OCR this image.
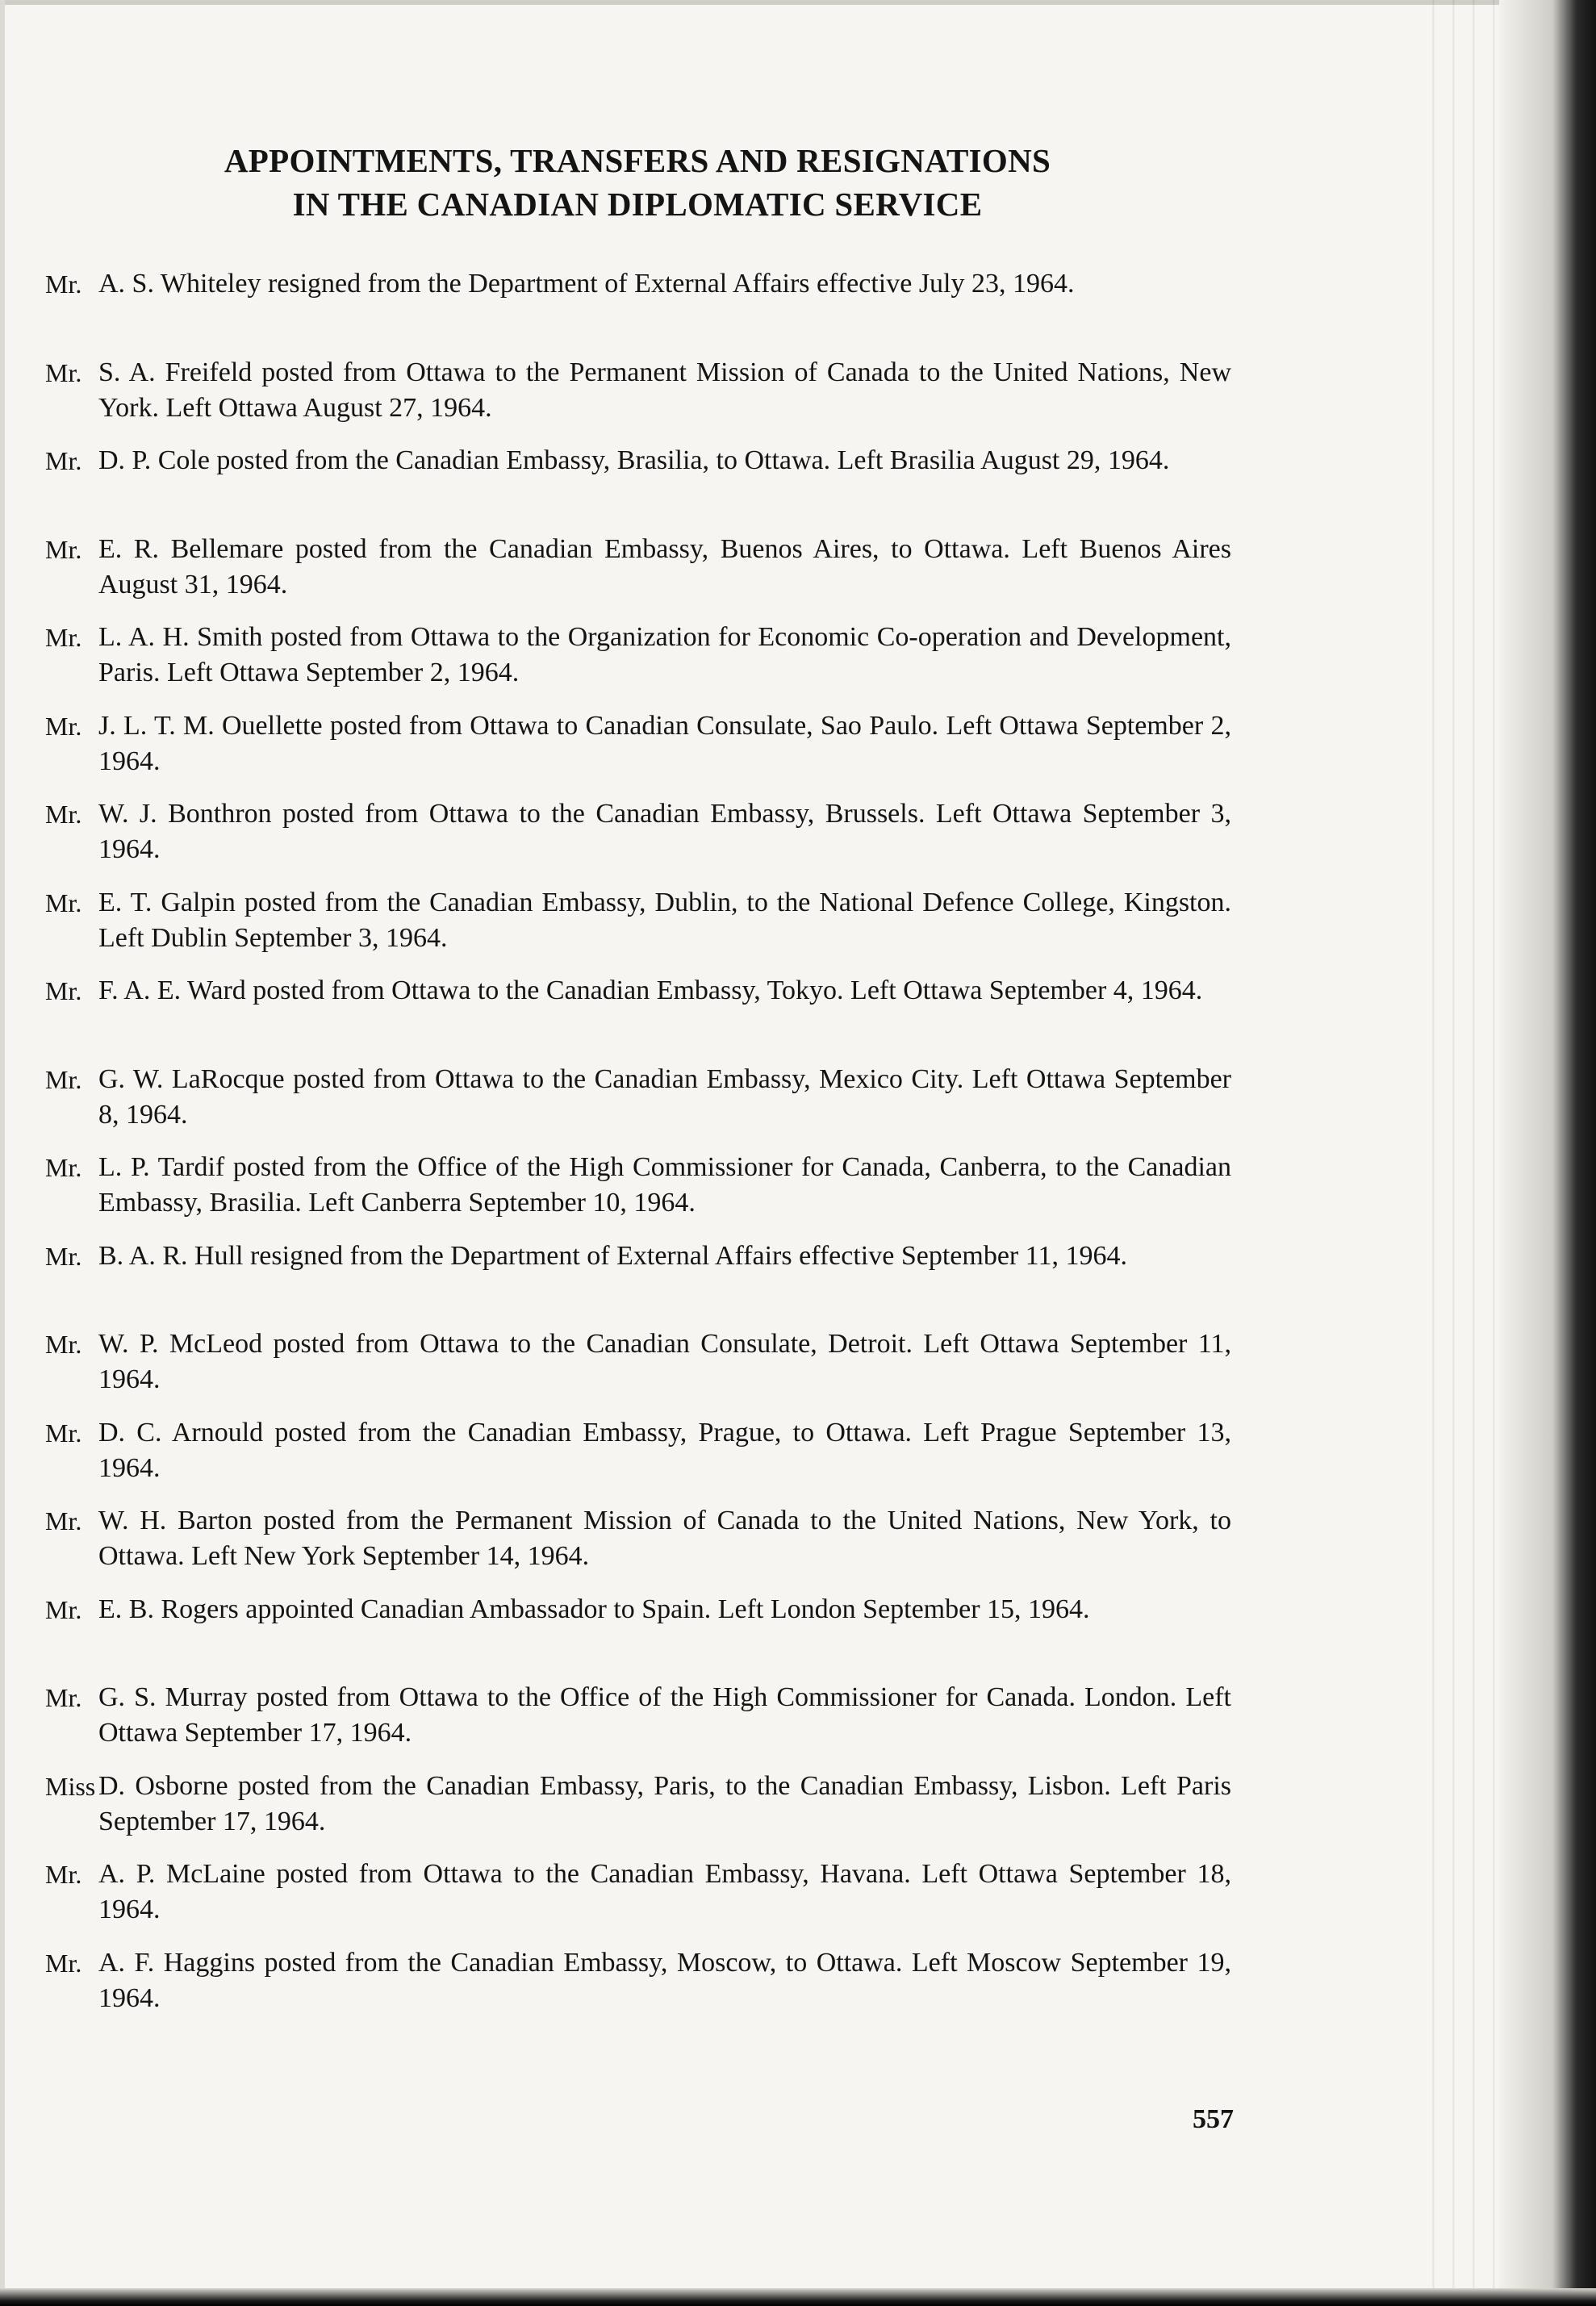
APPOINTMENTS, TRANSFERS AND RESIGNATIONS
IN THE CANADIAN DIPLOMATIC SERVICE
Mr. A. S. Whiteley resigned from the Department of External Affairs effective July 23, 1964.
Mr. S. A. Freifeld posted from Ottawa to the Permanent Mission of Canada to the United Nations, New York. Left Ottawa August 27, 1964.
Mr. D. P. Cole posted from the Canadian Embassy, Brasilia, to Ottawa. Left Brasilia August 29, 1964.
Mr. E. R. Bellemare posted from the Canadian Embassy, Buenos Aires, to Ottawa. Left Buenos Aires August 31, 1964.
Mr. L. A. H. Smith posted from Ottawa to the Organization for Economic Co-operation and Development, Paris. Left Ottawa September 2, 1964.
Mr. J. L. T. M. Ouellette posted from Ottawa to Canadian Consulate, Sao Paulo. Left Ottawa September 2, 1964.
Mr. W. J. Bonthron posted from Ottawa to the Canadian Embassy, Brussels. Left Ottawa September 3, 1964.
Mr. E. T. Galpin posted from the Canadian Embassy, Dublin, to the National Defence College, Kingston. Left Dublin September 3, 1964.
Mr. F. A. E. Ward posted from Ottawa to the Canadian Embassy, Tokyo. Left Ottawa September 4, 1964.
Mr. G. W. LaRocque posted from Ottawa to the Canadian Embassy, Mexico City. Left Ottawa September 8, 1964.
Mr. L. P. Tardif posted from the Office of the High Commissioner for Canada, Canberra, to the Canadian Embassy, Brasilia. Left Canberra September 10, 1964.
Mr. B. A. R. Hull resigned from the Department of External Affairs effective September 11, 1964.
Mr. W. P. McLeod posted from Ottawa to the Canadian Consulate, Detroit. Left Ottawa September 11, 1964.
Mr. D. C. Arnould posted from the Canadian Embassy, Prague, to Ottawa. Left Prague September 13, 1964.
Mr. W. H. Barton posted from the Permanent Mission of Canada to the United Nations, New York, to Ottawa. Left New York September 14, 1964.
Mr. E. B. Rogers appointed Canadian Ambassador to Spain. Left London September 15, 1964.
Mr. G. S. Murray posted from Ottawa to the Office of the High Commissioner for Canada. London. Left Ottawa September 17, 1964.
Miss D. Osborne posted from the Canadian Embassy, Paris, to the Canadian Embassy, Lisbon. Left Paris September 17, 1964.
Mr. A. P. McLaine posted from Ottawa to the Canadian Embassy, Havana. Left Ottawa September 18, 1964.
Mr. A. F. Haggins posted from the Canadian Embassy, Moscow, to Ottawa. Left Moscow September 19, 1964.
557
